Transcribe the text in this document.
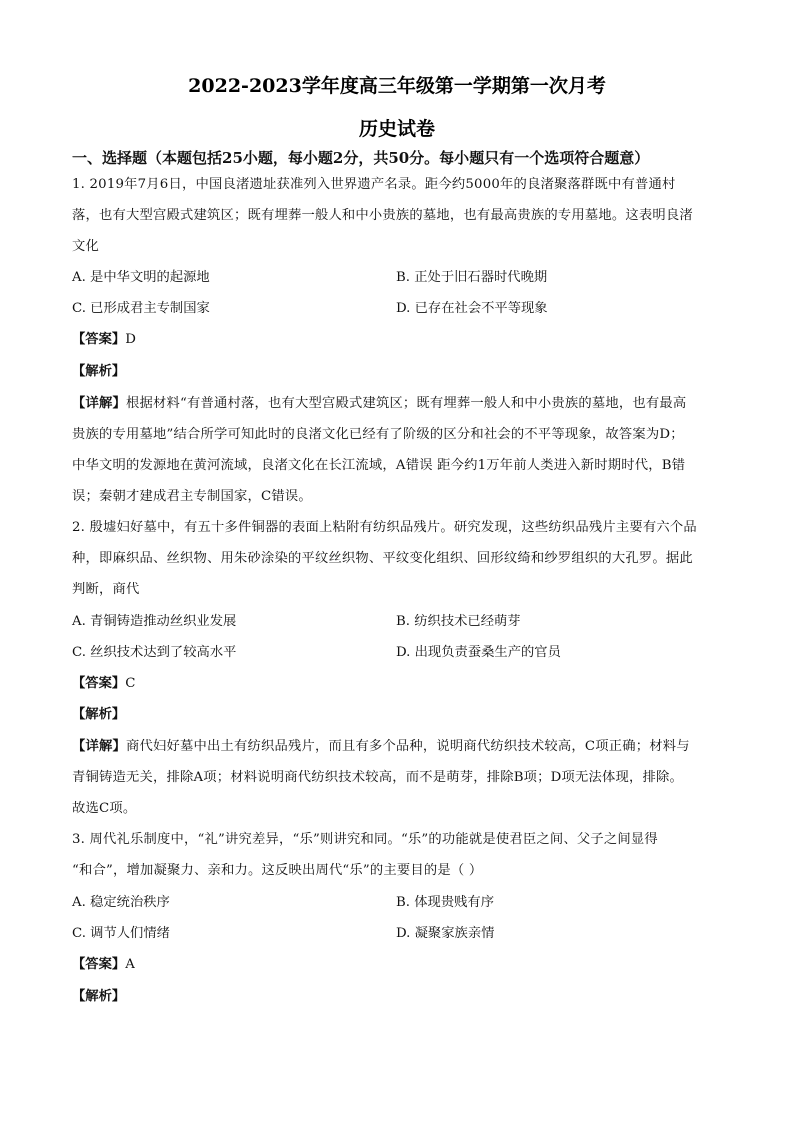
2022-2023学年度高三年级第一学期第一次月考
历史试卷
一、选择题（本题包括25小题，每小题2分，共50分。每小题只有一个选项符合题意）
1. 2019年7月6日，中国良渚遗址获准列入世界遗产名录。距今约5000年的良渚聚落群既中有普通村
落，也有大型宫殿式建筑区；既有埋葬一般人和中小贵族的墓地，也有最高贵族的专用墓地。这表明良渚
文化
A. 是中华文明的起源地	B. 正处于旧石器时代晚期
C. 已形成君主专制国家	D. 已存在社会不平等现象
【答案】D
【解析】
【详解】根据材料“有普通村落，也有大型宫殿式建筑区；既有埋葬一般人和中小贵族的墓地，也有最高
贵族的专用墓地”结合所学可知此时的良渚文化已经有了阶级的区分和社会的不平等现象，故答案为D；
中华文明的发源地在黄河流域，良渚文化在长江流域，A错误 距今约1万年前人类进入新时期时代，B错
误；秦朝才建成君主专制国家，C错误。
2. 殷墟妇好墓中，有五十多件铜器的表面上粘附有纺织品残片。研究发现，这些纺织品残片主要有六个品
种，即麻织品、丝织物、用朱砂涂染的平纹丝织物、平纹变化组织、回形纹绮和纱罗组织的大孔罗。据此
判断，商代
A. 青铜铸造推动丝织业发展	B. 纺织技术已经萌芽
C. 丝织技术达到了较高水平	D. 出现负责蚕桑生产的官员
【答案】C
【解析】
【详解】商代妇好墓中出土有纺织品残片，而且有多个品种，说明商代纺织技术较高，C项正确；材料与
青铜铸造无关，排除A项；材料说明商代纺织技术较高，而不是萌芽，排除B项；D项无法体现，排除。
故选C项。
3. 周代礼乐制度中，“礼”讲究差异，“乐”则讲究和同。“乐”的功能就是使君臣之间、父子之间显得
“和合”，增加凝聚力、亲和力。这反映出周代“乐”的主要目的是（ ）
A. 稳定统治秩序	B. 体现贵贱有序
C. 调节人们情绪	D. 凝聚家族亲情
【答案】A
【解析】
